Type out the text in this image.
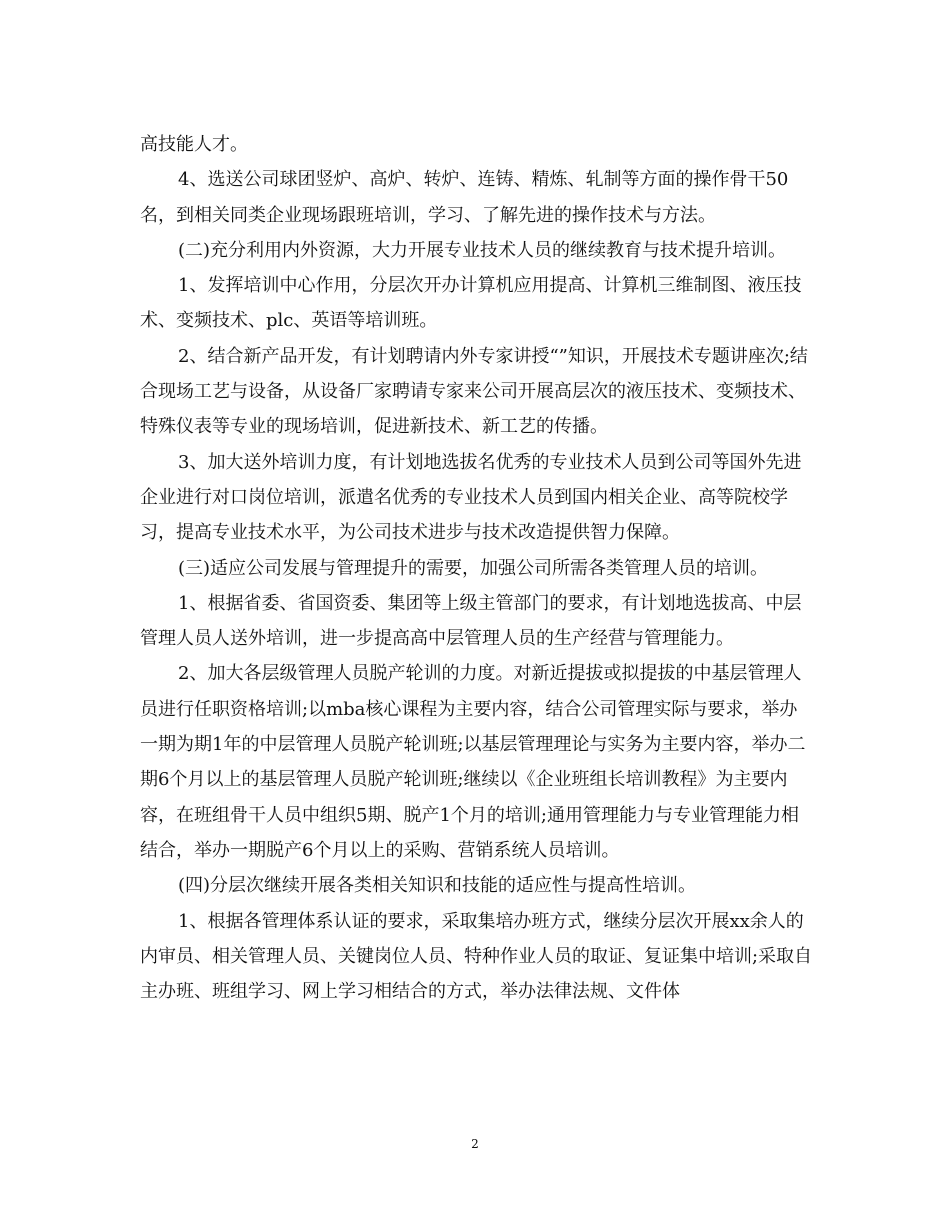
高技能人才。

4、选送公司球团竖炉、高炉、转炉、连铸、精炼、轧制等方面的操作骨干50名，到相关同类企业现场跟班培训，学习、了解先进的操作技术与方法。

(二)充分利用内外资源，大力开展专业技术人员的继续教育与技术提升培训。

1、发挥培训中心作用，分层次开办计算机应用提高、计算机三维制图、液压技术、变频技术、plc、英语等培训班。

2、结合新产品开发，有计划聘请内外专家讲授“”知识，开展技术专题讲座次;结合现场工艺与设备，从设备厂家聘请专家来公司开展高层次的液压技术、变频技术、特殊仪表等专业的现场培训，促进新技术、新工艺的传播。

3、加大送外培训力度，有计划地选拔名优秀的专业技术人员到公司等国外先进企业进行对口岗位培训，派遣名优秀的专业技术人员到国内相关企业、高等院校学习，提高专业技术水平，为公司技术进步与技术改造提供智力保障。

(三)适应公司发展与管理提升的需要，加强公司所需各类管理人员的培训。

1、根据省委、省国资委、集团等上级主管部门的要求，有计划地选拔高、中层管理人员人送外培训，进一步提高高中层管理人员的生产经营与管理能力。

2、加大各层级管理人员脱产轮训的力度。对新近提拔或拟提拔的中基层管理人员进行任职资格培训;以mba核心课程为主要内容，结合公司管理实际与要求，举办一期为期1年的中层管理人员脱产轮训班;以基层管理理论与实务为主要内容，举办二期6个月以上的基层管理人员脱产轮训班;继续以《企业班组长培训教程》为主要内容，在班组骨干人员中组织5期、脱产1个月的培训;通用管理能力与专业管理能力相结合，举办一期脱产6个月以上的采购、营销系统人员培训。

(四)分层次继续开展各类相关知识和技能的适应性与提高性培训。

1、根据各管理体系认证的要求，采取集培办班方式，继续分层次开展xx余人的内审员、相关管理人员、关键岗位人员、特种作业人员的取证、复证集中培训;采取自主办班、班组学习、网上学习相结合的方式，举办法律法规、文件体

2
